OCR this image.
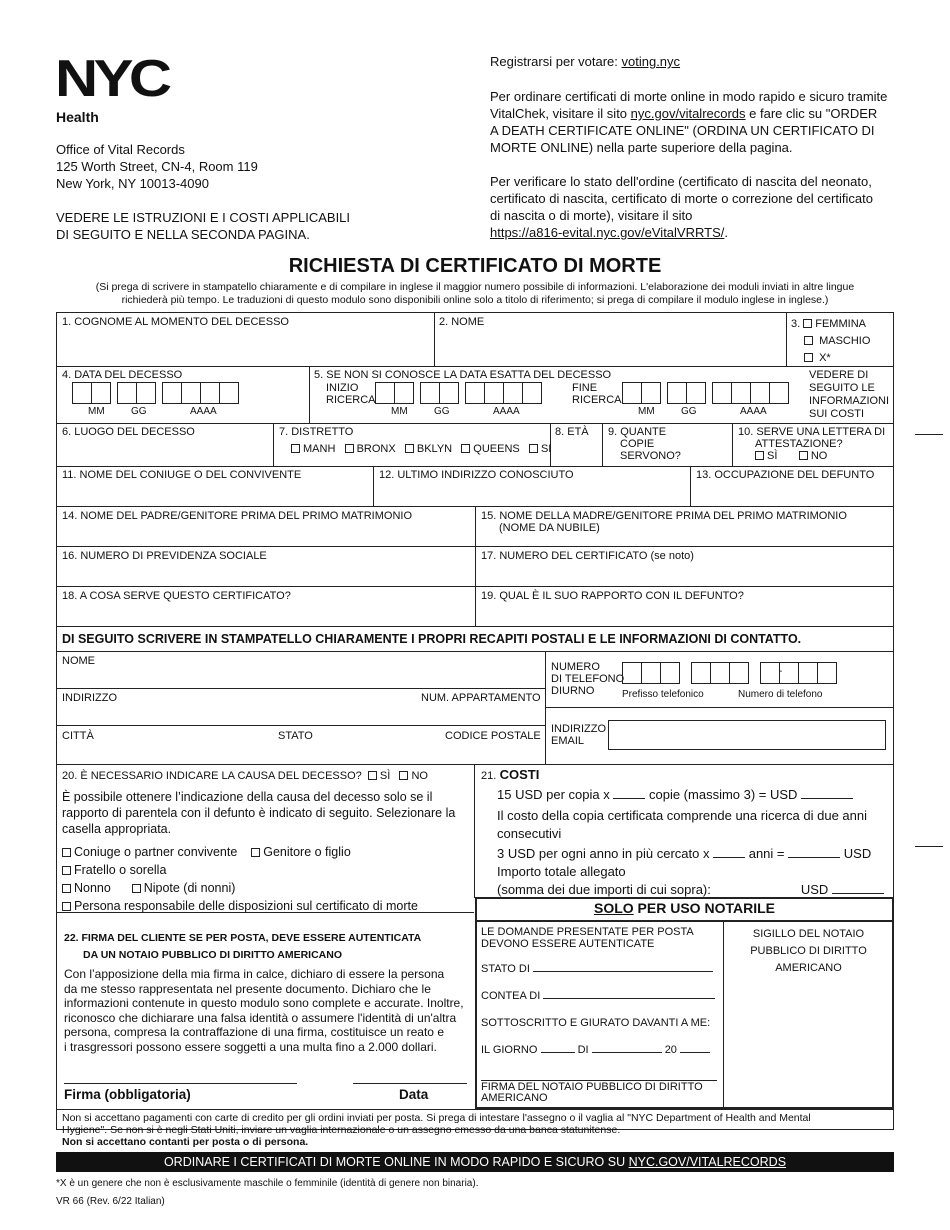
NYC
Health
Office of Vital Records
125 Worth Street, CN-4, Room 119
New York, NY 10013-4090
VEDERE LE ISTRUZIONI E I COSTI APPLICABILI
DI SEGUITO E NELLA SECONDA PAGINA.
Registrarsi per votare: voting.nyc
Per ordinare certificati di morte online in modo rapido e sicuro tramite
VitalChek, visitare il sito nyc.gov/vitalrecords e fare clic su "ORDER
A DEATH CERTIFICATE ONLINE" (ORDINA UN CERTIFICATO DI
MORTE ONLINE) nella parte superiore della pagina.
Per verificare lo stato dell'ordine (certificato di nascita del neonato,
certificato di nascita, certificato di morte o correzione del certificato
di nascita o di morte), visitare il sito
https://a816-evital.nyc.gov/eVitalVRRTS/.
RICHIESTA DI CERTIFICATO DI MORTE
(Si prega di scrivere in stampatello chiaramente e di compilare in inglese il maggior numero possibile di informazioni. L'elaborazione dei moduli inviati in altre lingue
richiederà più tempo. Le traduzioni di questo modulo sono disponibili online solo a titolo di riferimento; si prega di compilare il modulo inglese in inglese.)
1. COGNOME AL MOMENTO DEL DECESSO	2. NOME	3. FEMMINA
MASCHIO
X*
4. DATA DEL DECESSO
MM	GG	AAAA
5. SE NON SI CONOSCE LA DATA ESATTA DEL DECESSO
INIZIO
RICERCA
MM	GG	AAAA
FINE
RICERCA
MM	GG	AAAA
VEDERE DI
SEGUITO LE
INFORMAZIONI
SUI COSTI
6. LUOGO DEL DECESSO	7. DISTRETTO
MANH BRONX BKLYN QUEENS SI
8. ETÀ 9. QUANTE
COPIE
SERVONO?
10. SERVE UNA LETTERA DI
ATTESTAZIONE?
SÌ	NO
11. NOME DEL CONIUGE O DEL CONVIVENTE	12. ULTIMO INDIRIZZO CONOSCIUTO	13. OCCUPAZIONE DEL DEFUNTO
14. NOME DEL PADRE/GENITORE PRIMA DEL PRIMO MATRIMONIO	15. NOME DELLA MADRE/GENITORE PRIMA DEL PRIMO MATRIMONIO
(NOME DA NUBILE)
16. NUMERO DI PREVIDENZA SOCIALE	17. NUMERO DEL CERTIFICATO (se noto)
18. A COSA SERVE QUESTO CERTIFICATO?	19. QUAL È IL SUO RAPPORTO CON IL DEFUNTO?
DI SEGUITO SCRIVERE IN STAMPATELLO CHIARAMENTE I PROPRI RECAPITI POSTALI E LE INFORMAZIONI DI CONTATTO.
NOME
INDIRIZZO	NUM. APPARTAMENTO
CITTÀ	STATO	CODICE POSTALE
NUMERO
DI TELEFONO
DIURNO
-
Prefisso telefonico	Numero di telefono
INDIRIZZO
EMAIL
20. È NECESSARIO INDICARE LA CAUSA DEL DECESSO? SÌ NO
È possibile ottenere l’indicazione della causa del decesso solo se il
rapporto di parentela con il defunto è indicato di seguito. Selezionare la
casella appropriata.
Coniuge o partner convivente Genitore o figlio
Fratello o sorella
Nonno	Nipote (di nonni)
Persona responsabile delle disposizioni sul certificato di morte
21. COSTI
15 USD per copia x	copie (massimo 3) = USD
Il costo della copia certificata comprende una ricerca di due anni
consecutivi
3 USD per ogni anno in più cercato x	anni =	USD
Importo totale allegato
(somma dei due importi di cui sopra):	USD
SOLO PER USO NOTARILE
LE DOMANDE PRESENTATE PER POSTA
DEVONO ESSERE AUTENTICATE
STATO DI
CONTEA DI
SOTTOSCRITTO E GIURATO DAVANTI A ME:
IL GIORNO	DI	20
FIRMA DEL NOTAIO PUBBLICO DI DIRITTO
AMERICANO
SIGILLO DEL NOTAIO
PUBBLICO DI DIRITTO
AMERICANO
22. FIRMA DEL CLIENTE SE PER POSTA, DEVE ESSERE AUTENTICATA
DA UN NOTAIO PUBBLICO DI DIRITTO AMERICANO
Con l’apposizione della mia firma in calce, dichiaro di essere la persona
da me stesso rappresentata nel presente documento. Dichiaro che le
informazioni contenute in questo modulo sono complete e accurate. Inoltre,
riconosco che dichiarare una falsa identità o assumere l'identità di un'altra
persona, compresa la contraffazione di una firma, costituisce un reato e
i trasgressori possono essere soggetti a una multa fino a 2.000 dollari.
Firma (obbligatoria)	Data
Non si accettano pagamenti con carte di credito per gli ordini inviati per posta. Si prega di intestare l'assegno o il vaglia al "NYC Department of Health and Mental
Hygiene". Se non si è negli Stati Uniti, inviare un vaglia internazionale o un assegno emesso da una banca statunitense.
Non si accettano contanti per posta o di persona.
ORDINARE I CERTIFICATI DI MORTE ONLINE IN MODO RAPIDO E SICURO SU NYC.GOV/VITALRECORDS
*X è un genere che non è esclusivamente maschile o femminile (identità di genere non binaria).
VR 66 (Rev. 6/22 Italian)
